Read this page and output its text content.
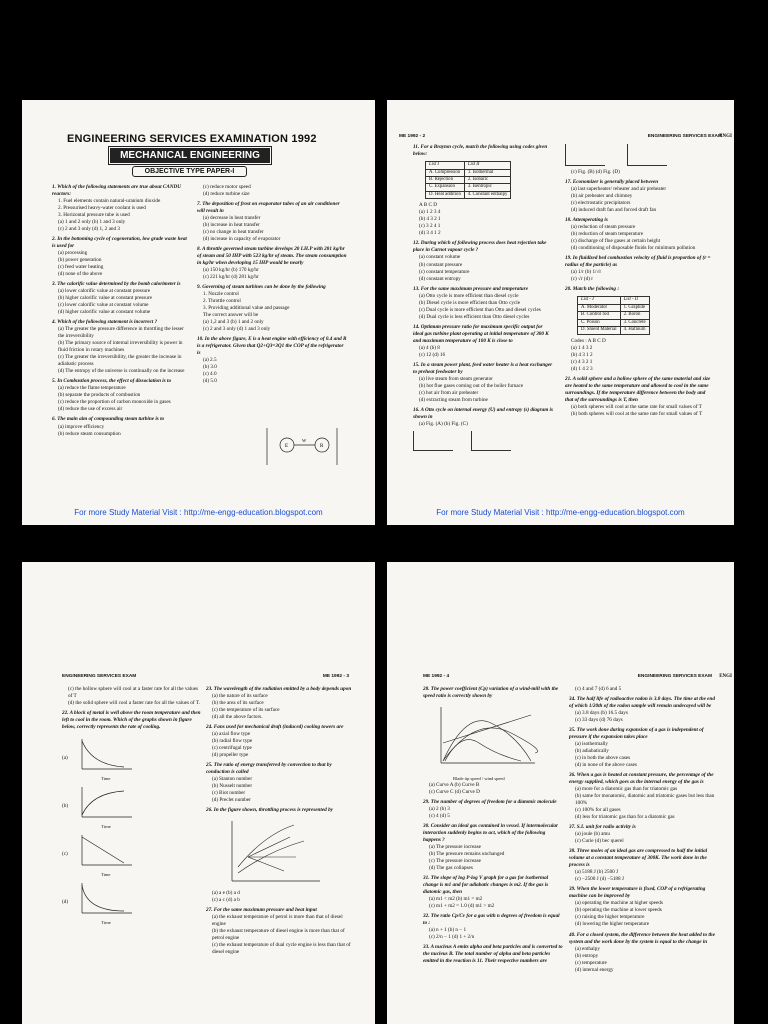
ENGINEERING SERVICES EXAMINATION 1992
MECHANICAL ENGINEERING
OBJECTIVE TYPE PAPER-I
1. Which of the following statements are true about CANDU reactors:
1. Fuel elements contain natural-uranium dioxide
2. Pressurised heavy-water coolant is used
3. Horizontal pressure tube is used
(a) 1 and 2 only (b) 1 and 3 only
(c) 2 and 3 only (d) 1, 2 and 3
2. In the bottoming cycle of cogeneration, low grade waste heat is used for
(a) processing
(b) power generation
(c) feed water heating
(d) none of the above
3. The calorific value determined by the bomb calorimeter is
(a) lower calorific value at constant pressure
(b) higher calorific value at constant pressure
(c) lower calorific value at constant volume
(d) higher calorific value at constant volume
4. Which of the following statement is incorrect ?
(a) The greater the pressure difference in throttling the lesser the irreversibility
(b) The primary source of internal irreversibility is power in fluid friction in rotary machines
(c) The greater the irreversibility, the greater the increase in adiabatic process
(d) The entropy of the universe is continually on the increase
5. In Combustion process, the effect of dissociation is to
(a) reduce the flame temperature
(b) separate the products of combustion
(c) reduce the proportion of carbon monoxide in gases
(d) reduce the use of excess air
6. The main aim of compounding steam turbine is to
(a) improve efficiency
(b) reduce steam consumption
(c) reduce motor speed
(d) reduce turbine size
7. The deposition of frost on evaporator tubes of an air conditioner will result in
(a) decrease in heat transfer
(b) increase in heat transfer
(c) no change in heat transfer
(d) increase in capacity of evaporator
8. A throttle governed steam turbine develops 20 I.H.P with 281 kg/hr of steam and 50 IHP with 523 kg/hr of steam. The steam consumption in kg/hr when developing 15 IHP would be nearly
(a) 150 kg/hr (b) 170 kg/hr
(c) 221 kg/hr (d) 281 kg/hr
9. Governing of steam turbines can be done by the following
1. Nozzle control
2. Throttle control
3. Providing additional value and passage
The correct answer will be
(a) 1,2 and 3 (b) 1 and 2 only
(c) 2 and 3 only (d) 1 and 3 only
10. In the above figure, E is a heat engine with efficiency of 0.4 and R is a refrigerator. Given that Q2+Q3=3Q1 the COP of the refrigerator is
(a) 2.5
(b) 3.0
(c) 4.0
(d) 5.0
E	R
W
For more Study Material Visit : http://me-engg-education.blogspot.com
ME 1992 - 2	ENGINEERING SERVICES EXAM
ENGI
11. For a Brayton cycle, match the following using codes given below:
List I	List II
A. Compression	1. Isothermal
B. Rejection	2. Isobaric
C. Expansion	3. Isentropic
D. Heat addition	4. Constant enthalpy
A B C D
(a) 1 2 3 4
(b) 4 3 2 1
(c) 3 2 4 1
(d) 3 4 1 2
12. During which of following process does heat rejection take place in Carnot vapour cycle ?
(a) constant volume
(b) constant pressure
(c) constant temperature
(d) constant entropy
13. For the same maximum pressure and temperature
(a) Otto cycle is more efficient than diesel cycle
(b) Diesel cycle is more efficient than Otto cycle
(c) Dual cycle is more efficient than Otto and diesel cycles
(d) Dual cycle is less efficient than Otto diesel cycles
14. Optimum pressure ratio for maximum specific output for ideal gas turbine plant operating at initial temperature of 300 K and maximum temperature of 100 K is close to
(a) 4 (b) 8
(c) 12 (d) 16
15. In a steam power plant, feed water heater is a heat exchanger to preheat feedwater by
(a) live steam from steam generator
(b) hot flue gases coming out of the boiler furnace
(c) hot air from air preheater
(d) extracting steam from turbine
16. A Otto cycle on internal energy (U) and entropy (s) diagram is shown in
(a) Fig. (A) (b) Fig. (C)
(c) Fig. (B) (d) Fig. (D)
17. Economizer is generally placed between
(a) last superheater/ reheater and air preheater
(b) air preheater and chimney
(c) electrostatic precipitators
(d) induced draft fan and forced draft fan
18. Attemperating is
(a) reduction of steam pressure
(b) reduction of steam temperature
(c) discharge of flue gases at certain height
(d) conditioning of disposable fluids for minimum pollution
19. In fluidized bed combustion velocity of fluid is proportion of (r = radius of the particle) as
(a) 1/r (b) 1/√r
(c) √r (d) r
20. Match the following :
List - I	List - II
A. Moderator	1. Graphite
B. Control rod	2. Boron
C. Poison	3. Concrete
D. Shield Material	4. Hafnium
Codes : A B C D
(a) 1 4 3 2
(b) 4 3 1 2
(c) 4 3 2 1
(d) 1 4 2 3
21. A solid sphere and a hollow sphere of the same material and size are heated to the same temperature and allowed to cool in the same surroundings. If the temperature difference between the body and that of the surroundings is T, then
(a) both spheres will cool at the same rate for small values of T
(b) both spheres will cool at the same rate for small values of T
For more Study Material Visit : http://me-engg-education.blogspot.com
ENGINEERING SERVICES EXAM	ME 1992 - 3
(c) the hollow sphere will cool at a faster rate for all the values of T
(d) the solid sphere will cool a faster rate for all the values of T.
22. A block of metal is well above the room temperature and then left to cool in the room. Which of the graphs shown in figure below, correctly represents the rate of cooling.
(a)
Time
(b)
Time
(c)
Time
(d)
Time
23. The wavelength of the radiation emitted by a body depends upon
(a) the nature of its surface
(b) the area of its surface
(c) the temperature of its surface
(d) all the above factors.
24. Fans used for mechanical draft (induced) cooling towers are
(a) axial flow type
(b) radial flow type
(c) centrifugal type
(d) propeller type
25. The ratio of energy transferred by convection to that by conduction is called
(a) Stanton number
(b) Nusselt number
(c) Biot number
(d) Preclet number
26. In the figure shown, throttling process is represented by
(a) a e (b) a d
(c) a c (d) a b
27. For the same maximum pressure and heat input
(a) the exhaust temperature of petrol is more than that of diesel engine
(b) the exhaust temperature of diesel engine is more than that of petrol engine
(c) the exhaust temperature of dual cycle engine is less than that of diesel engine
ME 1992 - 4	ENGINEERING SERVICES EXAM ENGI
28. The power coefficient (Cp) variation of a wind-mill with the speed ratio is correctly shown by
Blade tip speed / wind speed
(a) Curve A (b) Curve B
(c) Curve C (d) Curve D
29. The number of degrees of freedom for a diatomic molecule
(a) 2 (b) 3
(c) 4 (d) 5
30. Consider an ideal gas contained in vessel. If intermolecular interaction suddenly begins to act, which of the following happens ?
(a) The pressure increase
(b) The pressure remains unchanged
(c) The pressure increase
(d) The gas collapses
31. The slope of log P-log V graph for a gas for isothermal change is m1 and for adiabatic changes is m2. If the gas is diatomic gas, then
(a) m1 < m2 (b) m1 = m2
(c) m1 + m2 = 1.0 (d) m1 > m2
32. The ratio Cp/Cv for a gas with n degrees of freedom is equal to :
(a) n + 1 (b) n − 1
(c) 2/n − 1 (d) 1 + 2/n
33. A nucleus A emits alpha and beta particles and is converted to the nucleus B. The total number of alpha and beta particles emitted in the reaction is 11. Their respective numbers are
(c) 4 and 7 (d) 6 and 5
34. The half life of radioactive radon is 3.8 days. The time at the end of which 1/20th of the radon sample will remain undecayed will be
(a) 3.8 days (b) 16.5 days
(c) 33 days (d) 76 days
35. The work done during expansion of a gas is independent of pressure if the expansion takes place
(a) isothermally
(b) adiabatically
(c) in both the above cases
(d) in none of the above cases
36. When a gas is heated at constant pressure, the percentage of the energy supplied, which goes as the internal energy of the gas is
(a) more for a diatomic gas than for triatomic gas
(b) same for monatomic, diatomic and triatomic gases but less than 100%
(c) 100% for all gases
(d) less for triatomic gas than for a diatomic gas
37. S.I. unit for radio activity is
(a) joule (b) amu
(c) Curie (d) bec querel
38. Three moles of an ideal gas are compressed to half the initial volume at a constant temperature of 300K. The work done in the process is
(a) 5188 J (b) 2500 J
(c) −2500 J (d) −5188 J
39. When the lower temperature is fixed, COP of a refrigerating machine can be improved by
(a) operating the machine at higher speeds
(b) operating the machine at lower speeds
(c) raising the higher temperature
(d) lowering the higher temperature
40. For a closed system, the difference between the heat added to the system and the work done by the system is equal to the change in
(a) enthalpy
(b) entropy
(c) temperature
(d) internal energy
